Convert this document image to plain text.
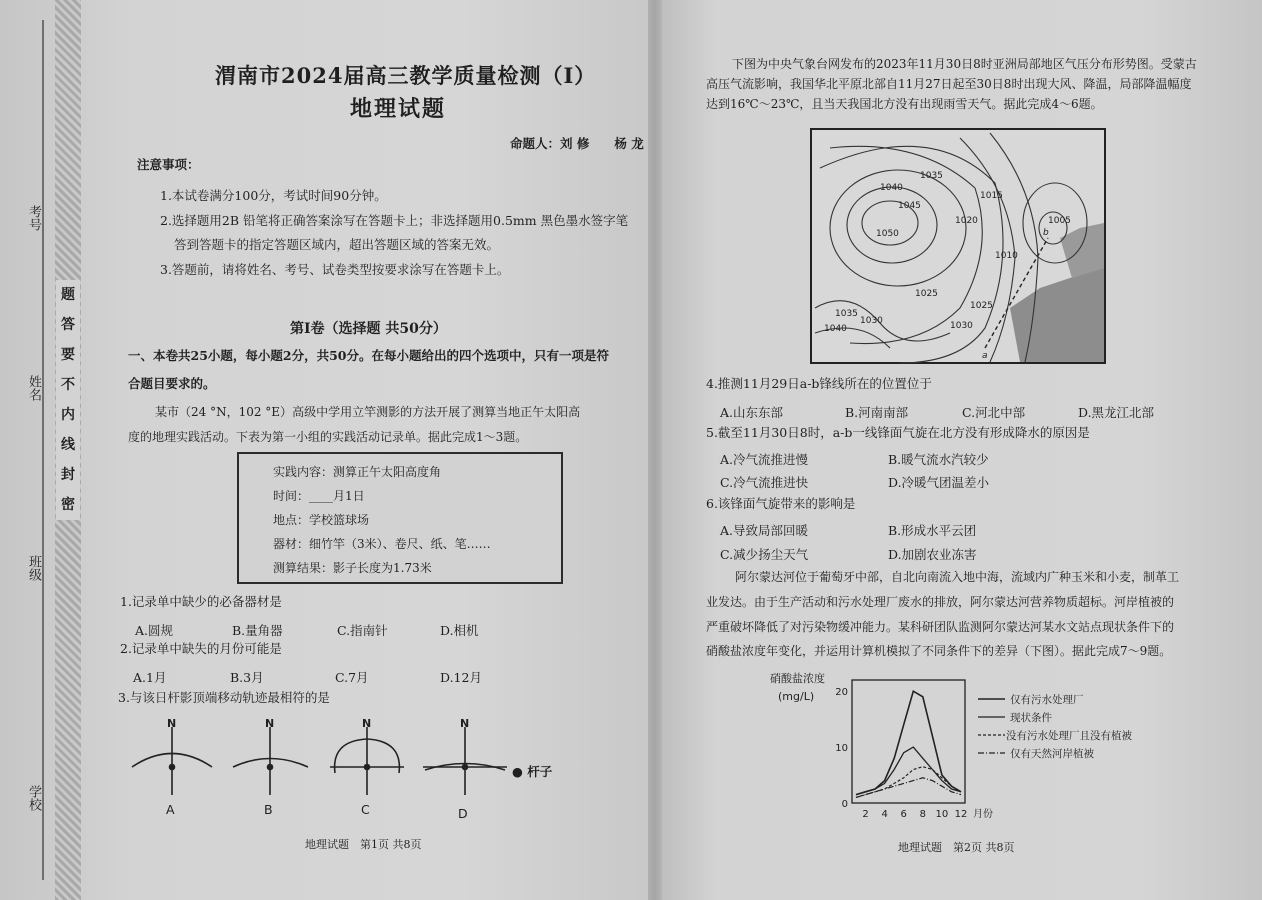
学校
班级
姓名
考号
题
答
要
不
内
线
封
密
渭南市2024届高三教学质量检测（Ⅰ）
地理试题
命题人：刘 修　　杨 龙
注意事项：
1.本试卷满分100分，考试时间90分钟。
2.选择题用2B 铅笔将正确答案涂写在答题卡上；非选择题用0.5mm 黑色墨水签字笔
答到答题卡的指定答题区域内，超出答题区域的答案无效。
3.答题前，请将姓名、考号、试卷类型按要求涂写在答题卡上。
第Ⅰ卷（选择题 共50分）
一、本卷共25小题，每小题2分，共50分。在每小题给出的四个选项中，只有一项是符
合题目要求的。
某市（24 °N，102 °E）高级中学用立竿测影的方法开展了测算当地正午太阳高
度的地理实践活动。下表为第一小组的实践活动记录单。据此完成1～3题。
实践内容：测算正午太阳高度角
时间：____月1日
地点：学校篮球场
器材：细竹竿（3米）、卷尺、纸、笔……
测算结果：影子长度为1.73米
1.记录单中缺少的必备器材是
A.圆规	B.量角器	C.指南针	D.相机
2.记录单中缺失的月份可能是
A.1月	B.3月	C.7月	D.12月
3.与该日杆影顶端移动轨迹最相符的是
N	N	N	N
A	B	C	D
● 杆子
地理试题　第1页 共8页
下图为中央气象台网发布的2023年11月30日8时亚洲局部地区气压分布形势图。受蒙古
高压气流影响，我国华北平原北部自11月27日起至30日8时出现大风、降温，局部降温幅度
达到16℃～23℃，且当天我国北方没有出现雨雪天气。据此完成4～6题。
1050
1045
1040
1035
1025
1020
1015
1010
1005
1030
1040
1035
1030
1025
a
b
4.推测11月29日a-b锋线所在的位置位于
A.山东东部	B.河南南部	C.河北中部	D.黑龙江北部
5.截至11月30日8时，a-b一线锋面气旋在北方没有形成降水的原因是
A.冷气流推进慢	B.暖气流水汽较少
C.冷气流推进快	D.冷暖气团温差小
6.该锋面气旋带来的影响是
A.导致局部回暖	B.形成水平云团
C.减少扬尘天气	D.加剧农业冻害
阿尔蒙达河位于葡萄牙中部，自北向南流入地中海，流域内广种玉米和小麦，制革工
业发达。由于生产活动和污水处理厂废水的排放，阿尔蒙达河营养物质超标。河岸植被的
严重破坏降低了对污染物缓冲能力。某科研团队监测阿尔蒙达河某水文站点现状条件下的
硝酸盐浓度年变化，并运用计算机模拟了不同条件下的差异（下图）。据此完成7～9题。
硝酸盐浓度
(mg/L)
0
10
20
2 4 6 8 10 12 月份
仅有污水处理厂
现状条件
没有污水处理厂且没有植被
仅有天然河岸植被
地理试题　第2页 共8页
